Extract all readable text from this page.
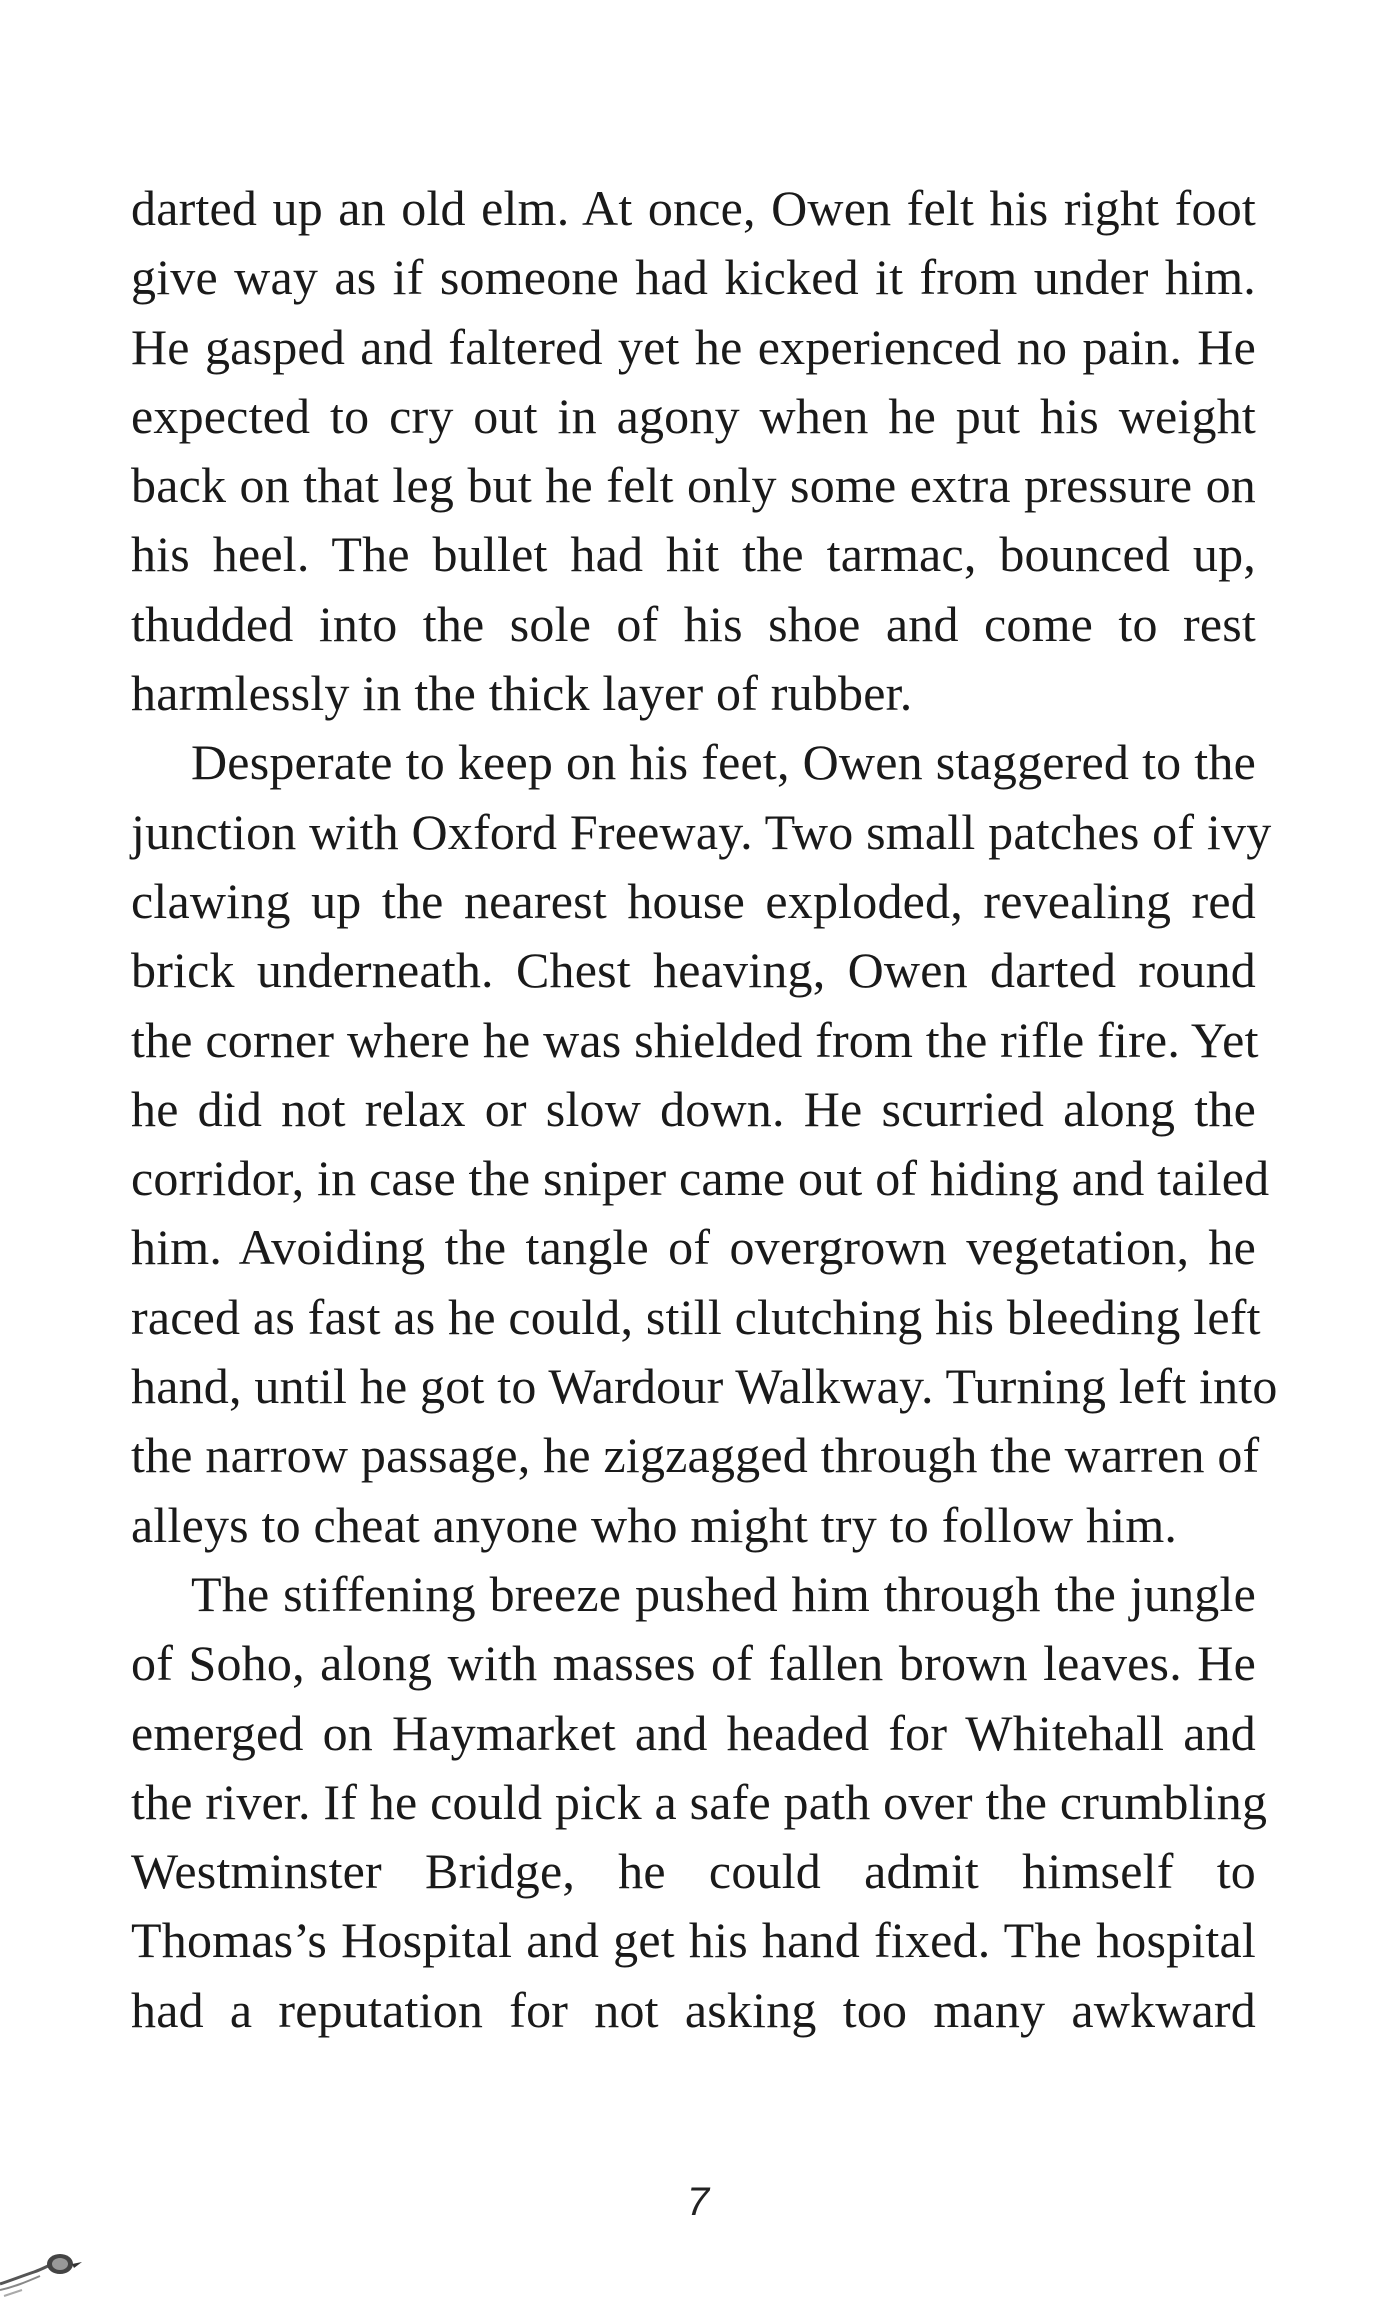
darted up an old elm. At once, Owen felt his right foot
give way as if someone had kicked it from under him.
He gasped and faltered yet he experienced no pain. He
expected to cry out in agony when he put his weight
back on that leg but he felt only some extra pressure on
his heel. The bullet had hit the tarmac, bounced up,
thudded into the sole of his shoe and come to rest
harmlessly in the thick layer of rubber.
Desperate to keep on his feet, Owen staggered to the
junction with Oxford Freeway. Two small patches of ivy
clawing up the nearest house exploded, revealing red
brick underneath. Chest heaving, Owen darted round
the corner where he was shielded from the rifle fire. Yet
he did not relax or slow down. He scurried along the
corridor, in case the sniper came out of hiding and tailed
him. Avoiding the tangle of overgrown vegetation, he
raced as fast as he could, still clutching his bleeding left
hand, until he got to Wardour Walkway. Turning left into
the narrow passage, he zigzagged through the warren of
alleys to cheat anyone who might try to follow him.
The stiffening breeze pushed him through the jungle
of Soho, along with masses of fallen brown leaves. He
emerged on Haymarket and headed for Whitehall and
the river. If he could pick a safe path over the crumbling
Westminster Bridge, he could admit himself to
Thomas’s Hospital and get his hand fixed. The hospital
had a reputation for not asking too many awkward
7
